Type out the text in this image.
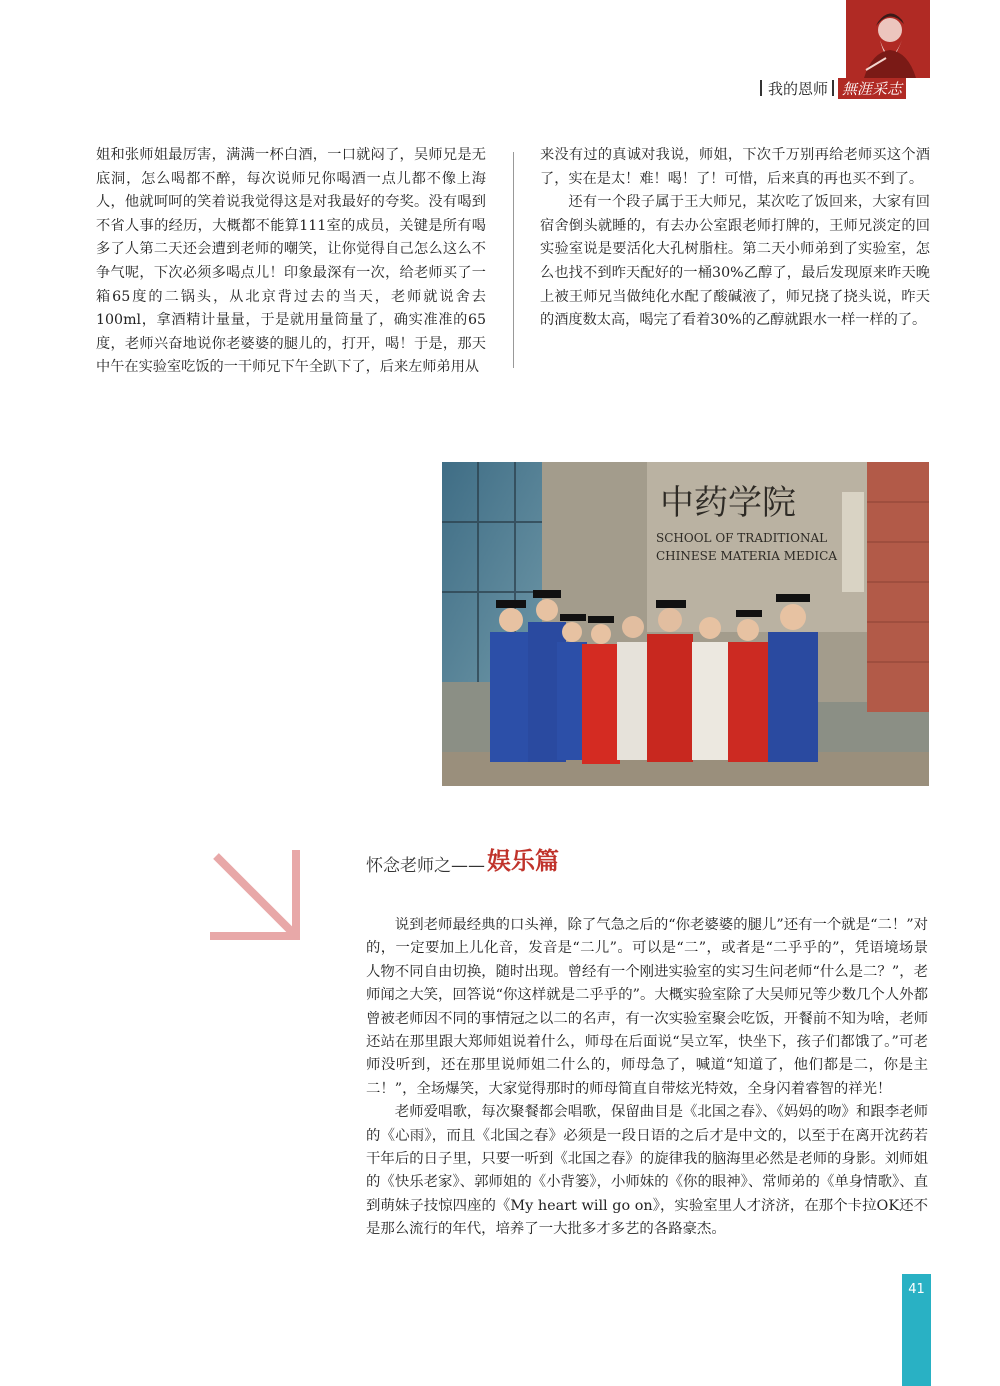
我的恩师 無涯采志

姐和张师姐最厉害，满满一杯白酒，一口就闷了，吴师兄是无底洞，怎么喝都不醉，每次说师兄你喝酒一点儿都不像上海人，他就呵呵的笑着说我觉得这是对我最好的夸奖。没有喝到不省人事的经历，大概都不能算111室的成员，关键是所有喝多了人第二天还会遭到老师的嘲笑，让你觉得自己怎么这么不争气呢，下次必须多喝点儿！印象最深有一次，给老师买了一箱65度的二锅头，从北京背过去的当天，老师就说舍去100ml，拿酒精计量量，于是就用量筒量了，确实准准的65度，老师兴奋地说你老婆婆的腿儿的，打开，喝！于是，那天中午在实验室吃饭的一干师兄下午全趴下了，后来左师弟用从

来没有过的真诚对我说，师姐，下次千万别再给老师买这个酒了，实在是太！难！喝！了！可惜，后来真的再也买不到了。

还有一个段子属于王大师兄，某次吃了饭回来，大家有回宿舍倒头就睡的，有去办公室跟老师打牌的，王师兄淡定的回实验室说是要活化大孔树脂柱。第二天小师弟到了实验室，怎么也找不到昨天配好的一桶30%乙醇了，最后发现原来昨天晚上被王师兄当做纯化水配了酸碱液了，师兄挠了挠头说，昨天的酒度数太高，喝完了看着30%的乙醇就跟水一样一样的了。

中药学院
SCHOOL OF TRADITIONAL
CHINESE MATERIA MEDICA
怀念老师之—— 娱乐篇

说到老师最经典的口头禅，除了气急之后的“你老婆婆的腿儿”还有一个就是“二！”对的，一定要加上儿化音，发音是“二儿”。可以是“二”，或者是“二乎乎的”，凭语境场景人物不同自由切换，随时出现。曾经有一个刚进实验室的实习生问老师“什么是二？”，老师闻之大笑，回答说“你这样就是二乎乎的”。大概实验室除了大吴师兄等少数几个人外都曾被老师因不同的事情冠之以二的名声，有一次实验室聚会吃饭，开餐前不知为啥，老师还站在那里跟大郑师姐说着什么，师母在后面说“吴立军，快坐下，孩子们都饿了。”可老师没听到，还在那里说师姐二什么的，师母急了，喊道“知道了，他们都是二，你是主二！”，全场爆笑，大家觉得那时的师母简直自带炫光特效，全身闪着睿智的祥光！

老师爱唱歌，每次聚餐都会唱歌，保留曲目是《北国之春》、《妈妈的吻》和跟李老师的《心雨》，而且《北国之春》必须是一段日语的之后才是中文的，以至于在离开沈药若干年后的日子里，只要一听到《北国之春》的旋律我的脑海里必然是老师的身影。刘师姐的《快乐老家》、郭师姐的《小背篓》，小师妹的《你的眼神》、常师弟的《单身情歌》、直到萌妹子技惊四座的《My heart will go on》，实验室里人才济济，在那个卡拉OK还不是那么流行的年代，培养了一大批多才多艺的各路豪杰。

41
